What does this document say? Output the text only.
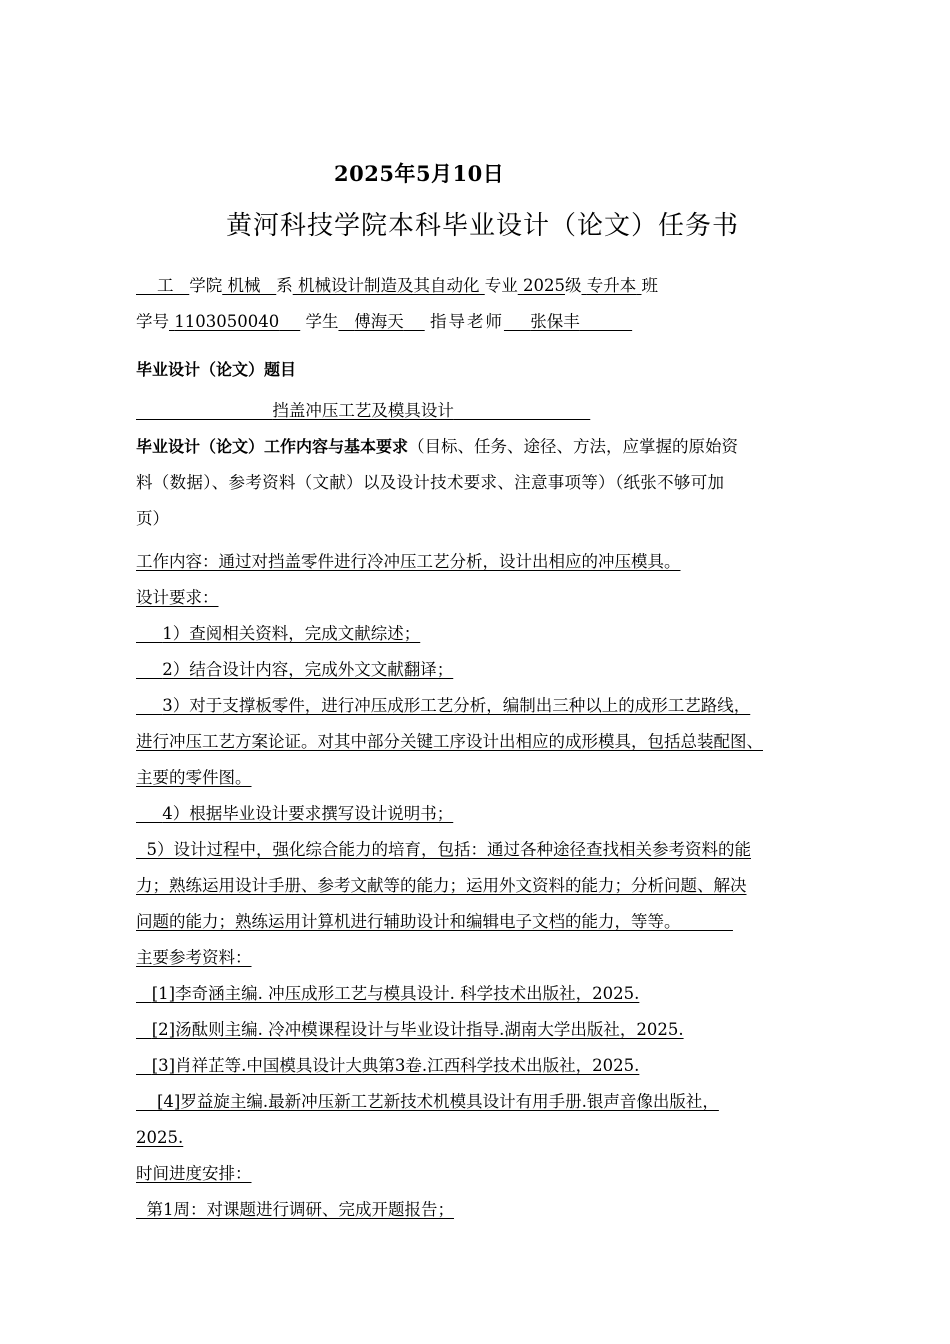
2025年5月10日
黄河科技学院本科毕业设计（论文）任务书
工 学院 机械 系 机械设计制造及其自动化 专业 2025级 专升本 班
学号 1103050040 学生 傅海天 指导老师 张保丰
毕业设计（论文）题目
挡盖冲压工艺及模具设计
毕业设计（论文）工作内容与基本要求（目标、任务、途径、方法，应掌握的原始资
料（数据）、参考资料（文献）以及设计技术要求、注意事项等）（纸张不够可加
页）
工作内容：通过对挡盖零件进行冷冲压工艺分析，设计出相应的冲压模具。
设计要求：
1）查阅相关资料，完成文献综述；
2）结合设计内容，完成外文文献翻译；
3）对于支撑板零件，进行冲压成形工艺分析，编制出三种以上的成形工艺路线，
进行冲压工艺方案论证。对其中部分关键工序设计出相应的成形模具，包括总装配图、
主要的零件图。
4）根据毕业设计要求撰写设计说明书；
5）设计过程中，强化综合能力的培育，包括：通过各种途径查找相关参考资料的能
力；熟练运用设计手册、参考文献等的能力；运用外文资料的能力；分析问题、解决
问题的能力；熟练运用计算机进行辅助设计和编辑电子文档的能力，等等。
主要参考资料：
[1]李奇涵主编. 冲压成形工艺与模具设计. 科学技术出版社，2025.
[2]汤酞则主编. 冷冲模课程设计与毕业设计指导.湖南大学出版社，2025.
[3]肖祥芷等.中国模具设计大典第3卷.江西科学技术出版社，2025.
[4]罗益旋主编.最新冲压新工艺新技术机模具设计有用手册.银声音像出版社，
2025.
时间进度安排：
第1周：对课题进行调研、完成开题报告；
